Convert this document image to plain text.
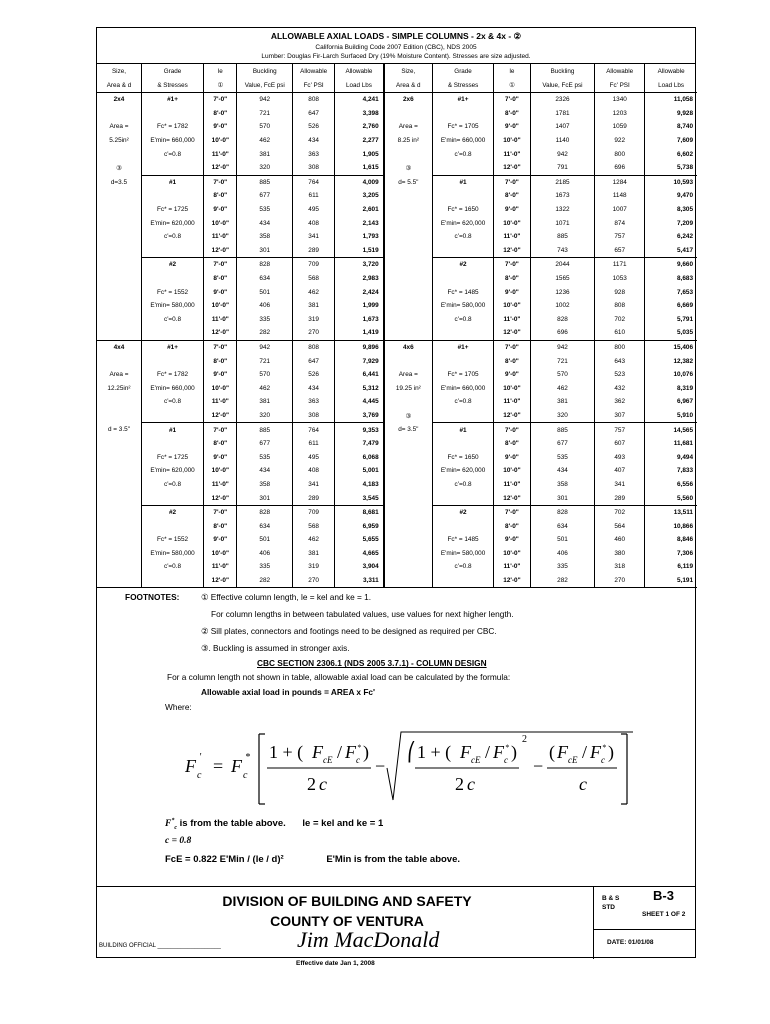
ALLOWABLE AXIAL LOADS - SIMPLE COLUMNS - 2x & 4x - ②
California Building Code 2007 Edition (CBC), NDS 2005
Lumber: Douglas Fir-Larch Surfaced Dry (19% Moisture Content). Stresses are size adjusted.
Size,	Grade	le	Buckling	Allowable	Allowable	Size,	Grade	le	Buckling	Allowable	Allowable
Area & d	& Stresses	①	Value, FcE psi	Fc' PSI	Load Lbs	Area & d	& Stresses	①	Value, FcE psi	Fc' PSI	Load Lbs
2x4	#1+	7'-0"	942	808	4,241	2x6	#1+	7'-0"	2326	1340	11,058
		8'-0"	721	647	3,398			8'-0"	1781	1203	9,928
Area =	Fc* = 1782	9'-0"	570	526	2,760	Area =	Fc* = 1705	9'-0"	1407	1059	8,740
5.25in²	E'min= 660,000	10'-0"	462	434	2,277	8.25 in²	E'min= 660,000	10'-0"	1140	922	7,609
	c'=0.8	11'-0"	381	363	1,905		c'=0.8	11'-0"	942	800	6,602
③		12'-0"	320	308	1,615	③		12'-0"	791	696	5,738
d=3.5	#1	7'-0"	885	764	4,009	d= 5.5"	#1	7'-0"	2185	1284	10,593
		8'-0"	677	611	3,205			8'-0"	1673	1148	9,470
	Fc* = 1725	9'-0"	535	495	2,601		Fc* = 1650	9'-0"	1322	1007	8,305
	E'min= 620,000	10'-0"	434	408	2,143		E'min= 620,000	10'-0"	1071	874	7,209
	c'=0.8	11'-0"	358	341	1,793		c'=0.8	11'-0"	885	757	6,242
		12'-0"	301	289	1,519			12'-0"	743	657	5,417
	#2	7'-0"	828	709	3,720		#2	7'-0"	2044	1171	9,660
		8'-0"	634	568	2,983			8'-0"	1565	1053	8,683
	Fc* = 1552	9'-0"	501	462	2,424		Fc* = 1485	9'-0"	1236	928	7,653
	E'min= 580,000	10'-0"	406	381	1,999		E'min= 580,000	10'-0"	1002	808	6,669
	c'=0.8	11'-0"	335	319	1,673		c'=0.8	11'-0"	828	702	5,791
		12'-0"	282	270	1,419			12'-0"	696	610	5,035
4x4	#1+	7'-0"	942	808	9,896	4x6	#1+	7'-0"	942	800	15,406
		8'-0"	721	647	7,929			8'-0"	721	643	12,382
Area =	Fc* = 1782	9'-0"	570	526	6,441	Area =	Fc* = 1705	9'-0"	570	523	10,076
12.25in²	E'min= 660,000	10'-0"	462	434	5,312	19.25 in²	E'min= 660,000	10'-0"	462	432	8,319
	c'=0.8	11'-0"	381	363	4,445		c'=0.8	11'-0"	381	362	6,967
		12'-0"	320	308	3,769	③		12'-0"	320	307	5,910
d = 3.5"	#1	7'-0"	885	764	9,353	d= 3.5"	#1	7'-0"	885	757	14,565
		8'-0"	677	611	7,479			8'-0"	677	607	11,681
	Fc* = 1725	9'-0"	535	495	6,068		Fc* = 1650	9'-0"	535	493	9,494
	E'min= 620,000	10'-0"	434	408	5,001		E'min= 620,000	10'-0"	434	407	7,833
	c'=0.8	11'-0"	358	341	4,183		c'=0.8	11'-0"	358	341	6,556
		12'-0"	301	289	3,545			12'-0"	301	289	5,560
	#2	7'-0"	828	709	8,681		#2	7'-0"	828	702	13,511
		8'-0"	634	568	6,959			8'-0"	634	564	10,866
	Fc* = 1552	9'-0"	501	462	5,655		Fc* = 1485	9'-0"	501	460	8,846
	E'min= 580,000	10'-0"	406	381	4,665		E'min= 580,000	10'-0"	406	380	7,306
	c'=0.8	11'-0"	335	319	3,904		c'=0.8	11'-0"	335	318	6,119
		12'-0"	282	270	3,311			12'-0"	282	270	5,191
FOOTNOTES:	① Effective column length, le = kel and ke = 1.
For column lengths in between tabulated values, use values for next higher length.
② Sill plates, connectors and footings need to be designed as required per CBC.
③. Buckling is assumed in stronger axis.
CBC SECTION 2306.1 (NDS 2005 3.7.1) - COLUMN DESIGN
For a column length not shown in table, allowable axial load can be calculated by the formula:
Allowable axial load in pounds = AREA x Fc'
Where:
F c
' = F c
* 1 + ( F cE / F c
* )
2 c
−
⎛ 1 + ( F cE / F c
* )
2 c
2
−
( F cE / F c
* )
c
$F^*_c$ is from the table above. le = kel and ke = 1
c = 0.8
FcE = 0.822 E'Min / (le / d)²	E'Min is from the table above.
DIVISION OF BUILDING AND SAFETY
COUNTY OF VENTURA
BUILDING OFFICIAL ___________________	Jim MacDonald
B & S
STD
B-3
SHEET 1 OF 2
DATE: 01/01/08
Effective date Jan 1, 2008
